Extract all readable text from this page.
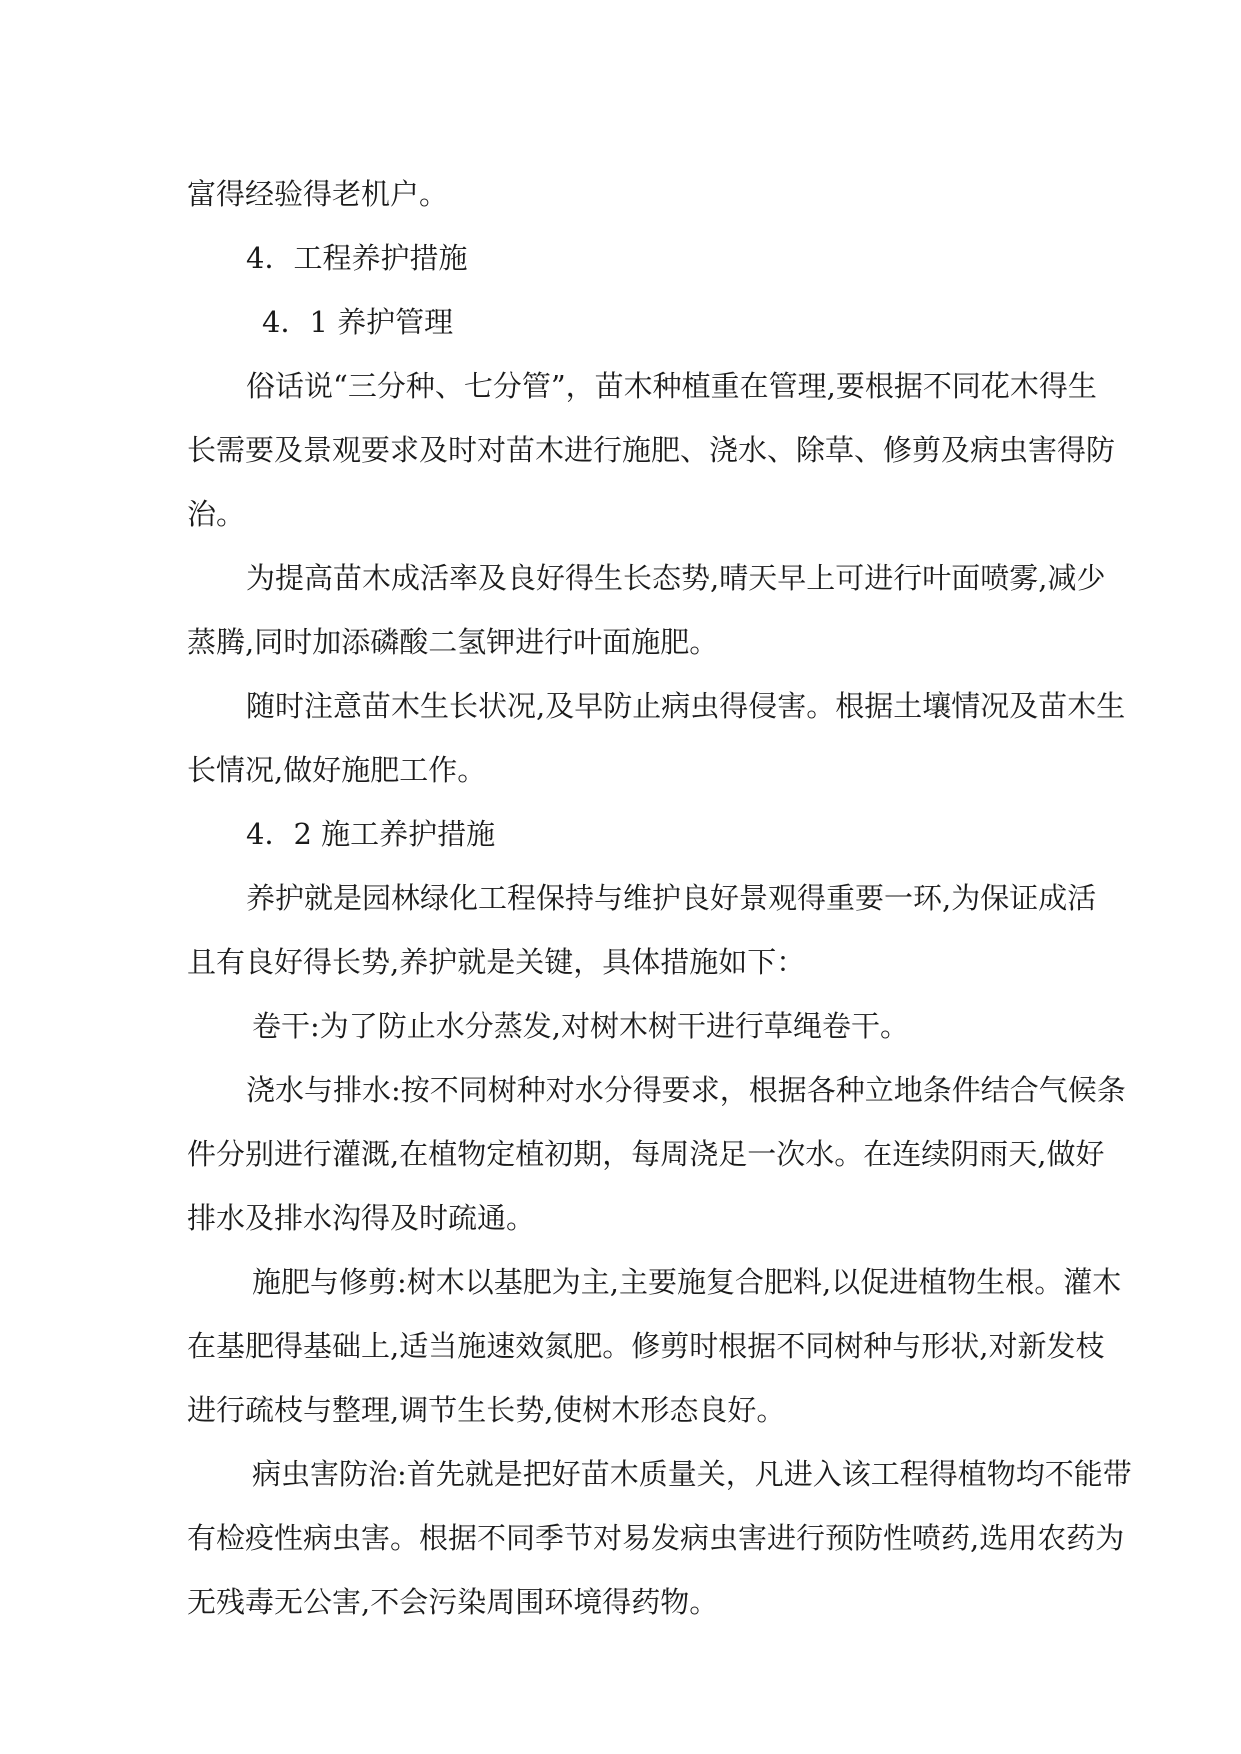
富得经验得老机户。
4．工程养护措施
4．1 养护管理
俗话说“三分种、七分管”，苗木种植重在管理,要根据不同花木得生
长需要及景观要求及时对苗木进行施肥、浇水、除草、修剪及病虫害得防
治。
为提高苗木成活率及良好得生长态势,晴天早上可进行叶面喷雾,减少
蒸腾,同时加添磷酸二氢钾进行叶面施肥。
随时注意苗木生长状况,及早防止病虫得侵害。根据土壤情况及苗木生
长情况,做好施肥工作。
4．2 施工养护措施
养护就是园林绿化工程保持与维护良好景观得重要一环,为保证成活
且有良好得长势,养护就是关键，具体措施如下：
卷干:为了防止水分蒸发,对树木树干进行草绳卷干。
浇水与排水:按不同树种对水分得要求，根据各种立地条件结合气候条
件分别进行灌溉,在植物定植初期，每周浇足一次水。在连续阴雨天,做好
排水及排水沟得及时疏通。
施肥与修剪:树木以基肥为主,主要施复合肥料,以促进植物生根。灌木
在基肥得基础上,适当施速效氮肥。修剪时根据不同树种与形状,对新发枝
进行疏枝与整理,调节生长势,使树木形态良好。
病虫害防治:首先就是把好苗木质量关，凡进入该工程得植物均不能带
有检疫性病虫害。根据不同季节对易发病虫害进行预防性喷药,选用农药为
无残毒无公害,不会污染周围环境得药物。
